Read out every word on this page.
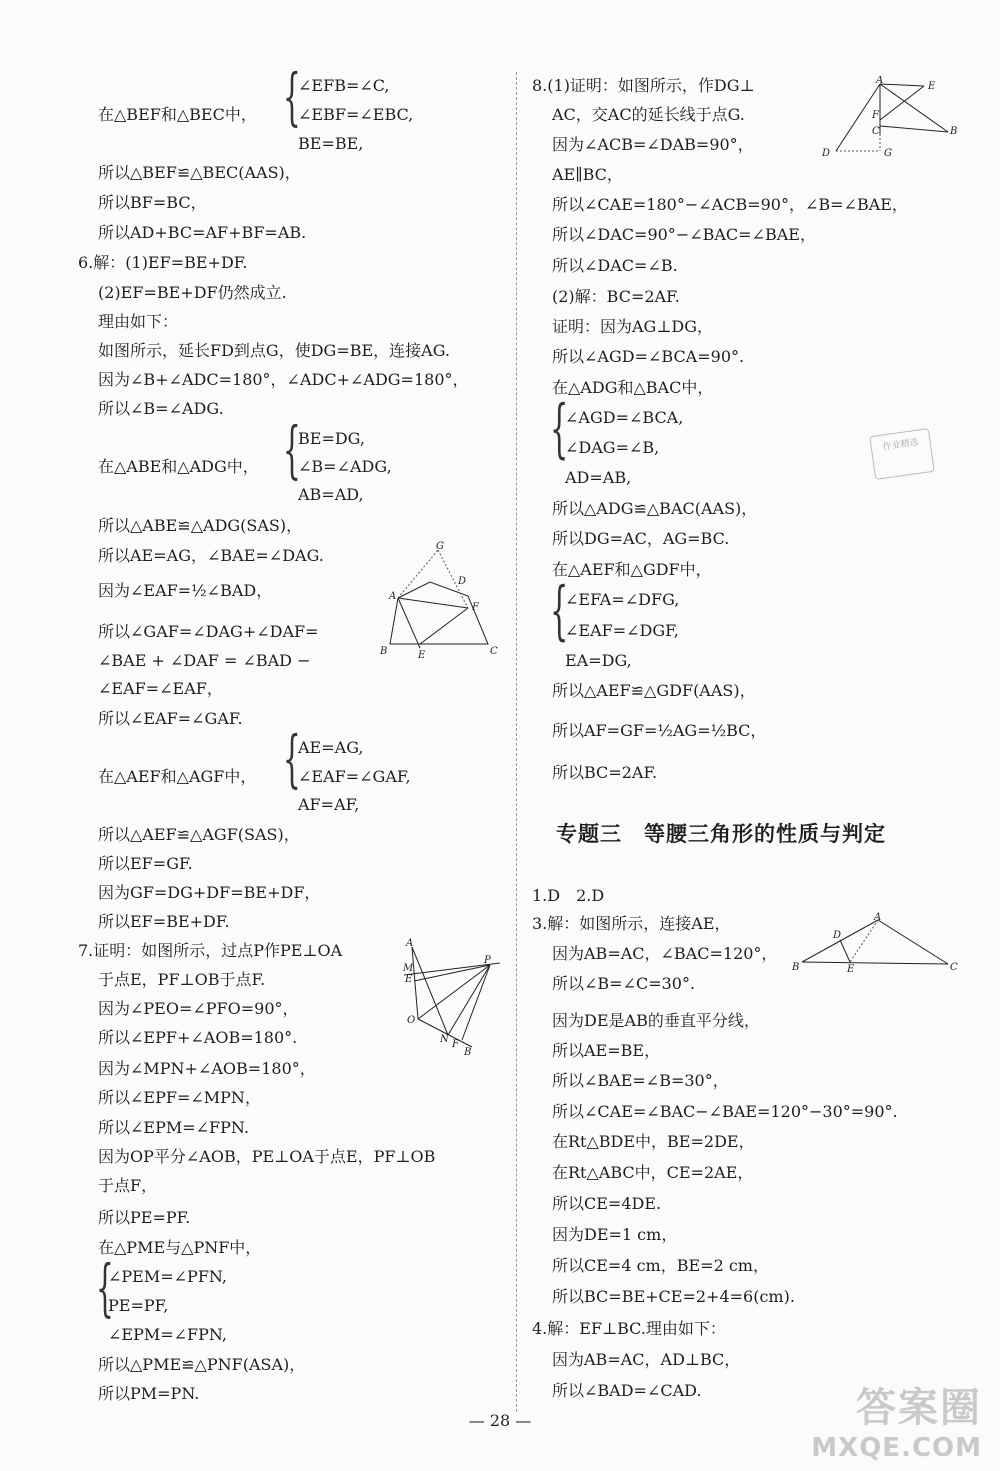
∠EFB=∠C,
在△BEF和△BEC中，	∠EBF=∠EBC,
BE=BE,
所以△BEF≌△BEC(AAS)，
所以BF=BC，
所以AD+BC=AF+BF=AB.
6.解：(1)EF=BE+DF.
(2)EF=BE+DF仍然成立.
理由如下：
如图所示，延长FD到点G，使DG=BE，连接AG.
因为∠B+∠ADC=180°，∠ADC+∠ADG=180°，
所以∠B=∠ADG.
BE=DG,
在△ABE和△ADG中， ∠B=∠ADG,
AB=AD,
所以△ABE≌△ADG(SAS)，
所以AE=AG，∠BAE=∠DAG.
因为∠EAF=½∠BAD，
所以∠GAF=∠DAG+∠DAF=
∠BAE + ∠DAF = ∠BAD −
∠EAF=∠EAF，
所以∠EAF=∠GAF.
AE=AG,
在△AEF和△AGF中，	∠EAF=∠GAF,
AF=AF,
所以△AEF≌△AGF(SAS)，
所以EF=GF.
因为GF=DG+DF=BE+DF，
所以EF=BE+DF.
7.证明：如图所示，过点P作PE⊥OA
于点E，PF⊥OB于点F.
因为∠PEO=∠PFO=90°，
所以∠EPF+∠AOB=180°.
因为∠MPN+∠AOB=180°，
所以∠EPF=∠MPN，
所以∠EPM=∠FPN.
因为OP平分∠AOB，PE⊥OA于点E，PF⊥OB
于点F，
所以PE=PF.
在△PME与△PNF中，
∠PEM=∠PFN,
PE=PF,
∠EPM=∠FPN,
所以△PME≌△PNF(ASA)，
所以PM=PN.
8.(1)证明：如图所示，作DG⊥
AC，交AC的延长线于点G.
因为∠ACB=∠DAB=90°，
AE∥BC，
所以∠CAE=180°−∠ACB=90°，∠B=∠BAE，
所以∠DAC=90°−∠BAC=∠BAE，
所以∠DAC=∠B.
(2)解：BC=2AF.
证明：因为AG⊥DG，
所以∠AGD=∠BCA=90°.
在△ADG和△BAC中，
∠AGD=∠BCA,
∠DAG=∠B,
AD=AB,
所以△ADG≌△BAC(AAS)，
所以DG=AC，AG=BC.
在△AEF和△GDF中，
∠EFA=∠DFG,
∠EAF=∠DGF,
EA=DG,
所以△AEF≌△GDF(AAS)，
所以AF=GF=½AG=½BC，
所以BC=2AF.
1.D　2.D
3.解：如图所示，连接AE，
因为AB=AC，∠BAC=120°，
所以∠B=∠C=30°.
因为DE是AB的垂直平分线，
所以AE=BE，
所以∠BAE=∠B=30°，
所以∠CAE=∠BAC−∠BAE=120°−30°=90°.
在Rt△BDE中，BE=2DE，
在Rt△ABC中，CE=2AE，
所以CE=4DE.
因为DE=1 cm，
所以CE=4 cm，BE=2 cm，
所以BC=BE+CE=2+4=6(cm).
4.解：EF⊥BC.理由如下：
因为AB=AC，AD⊥BC，
所以∠BAD=∠CAD.
{
{
{
{
{
{
专题三　等腰三角形的性质与判定
G
D
A
F
B	E	C
A
M
E
O
P
N F
B
A
E
F
C	B
D	G
A
D
B	E	C
作业精选
— 28 —	答案圈
MXQE.COM
